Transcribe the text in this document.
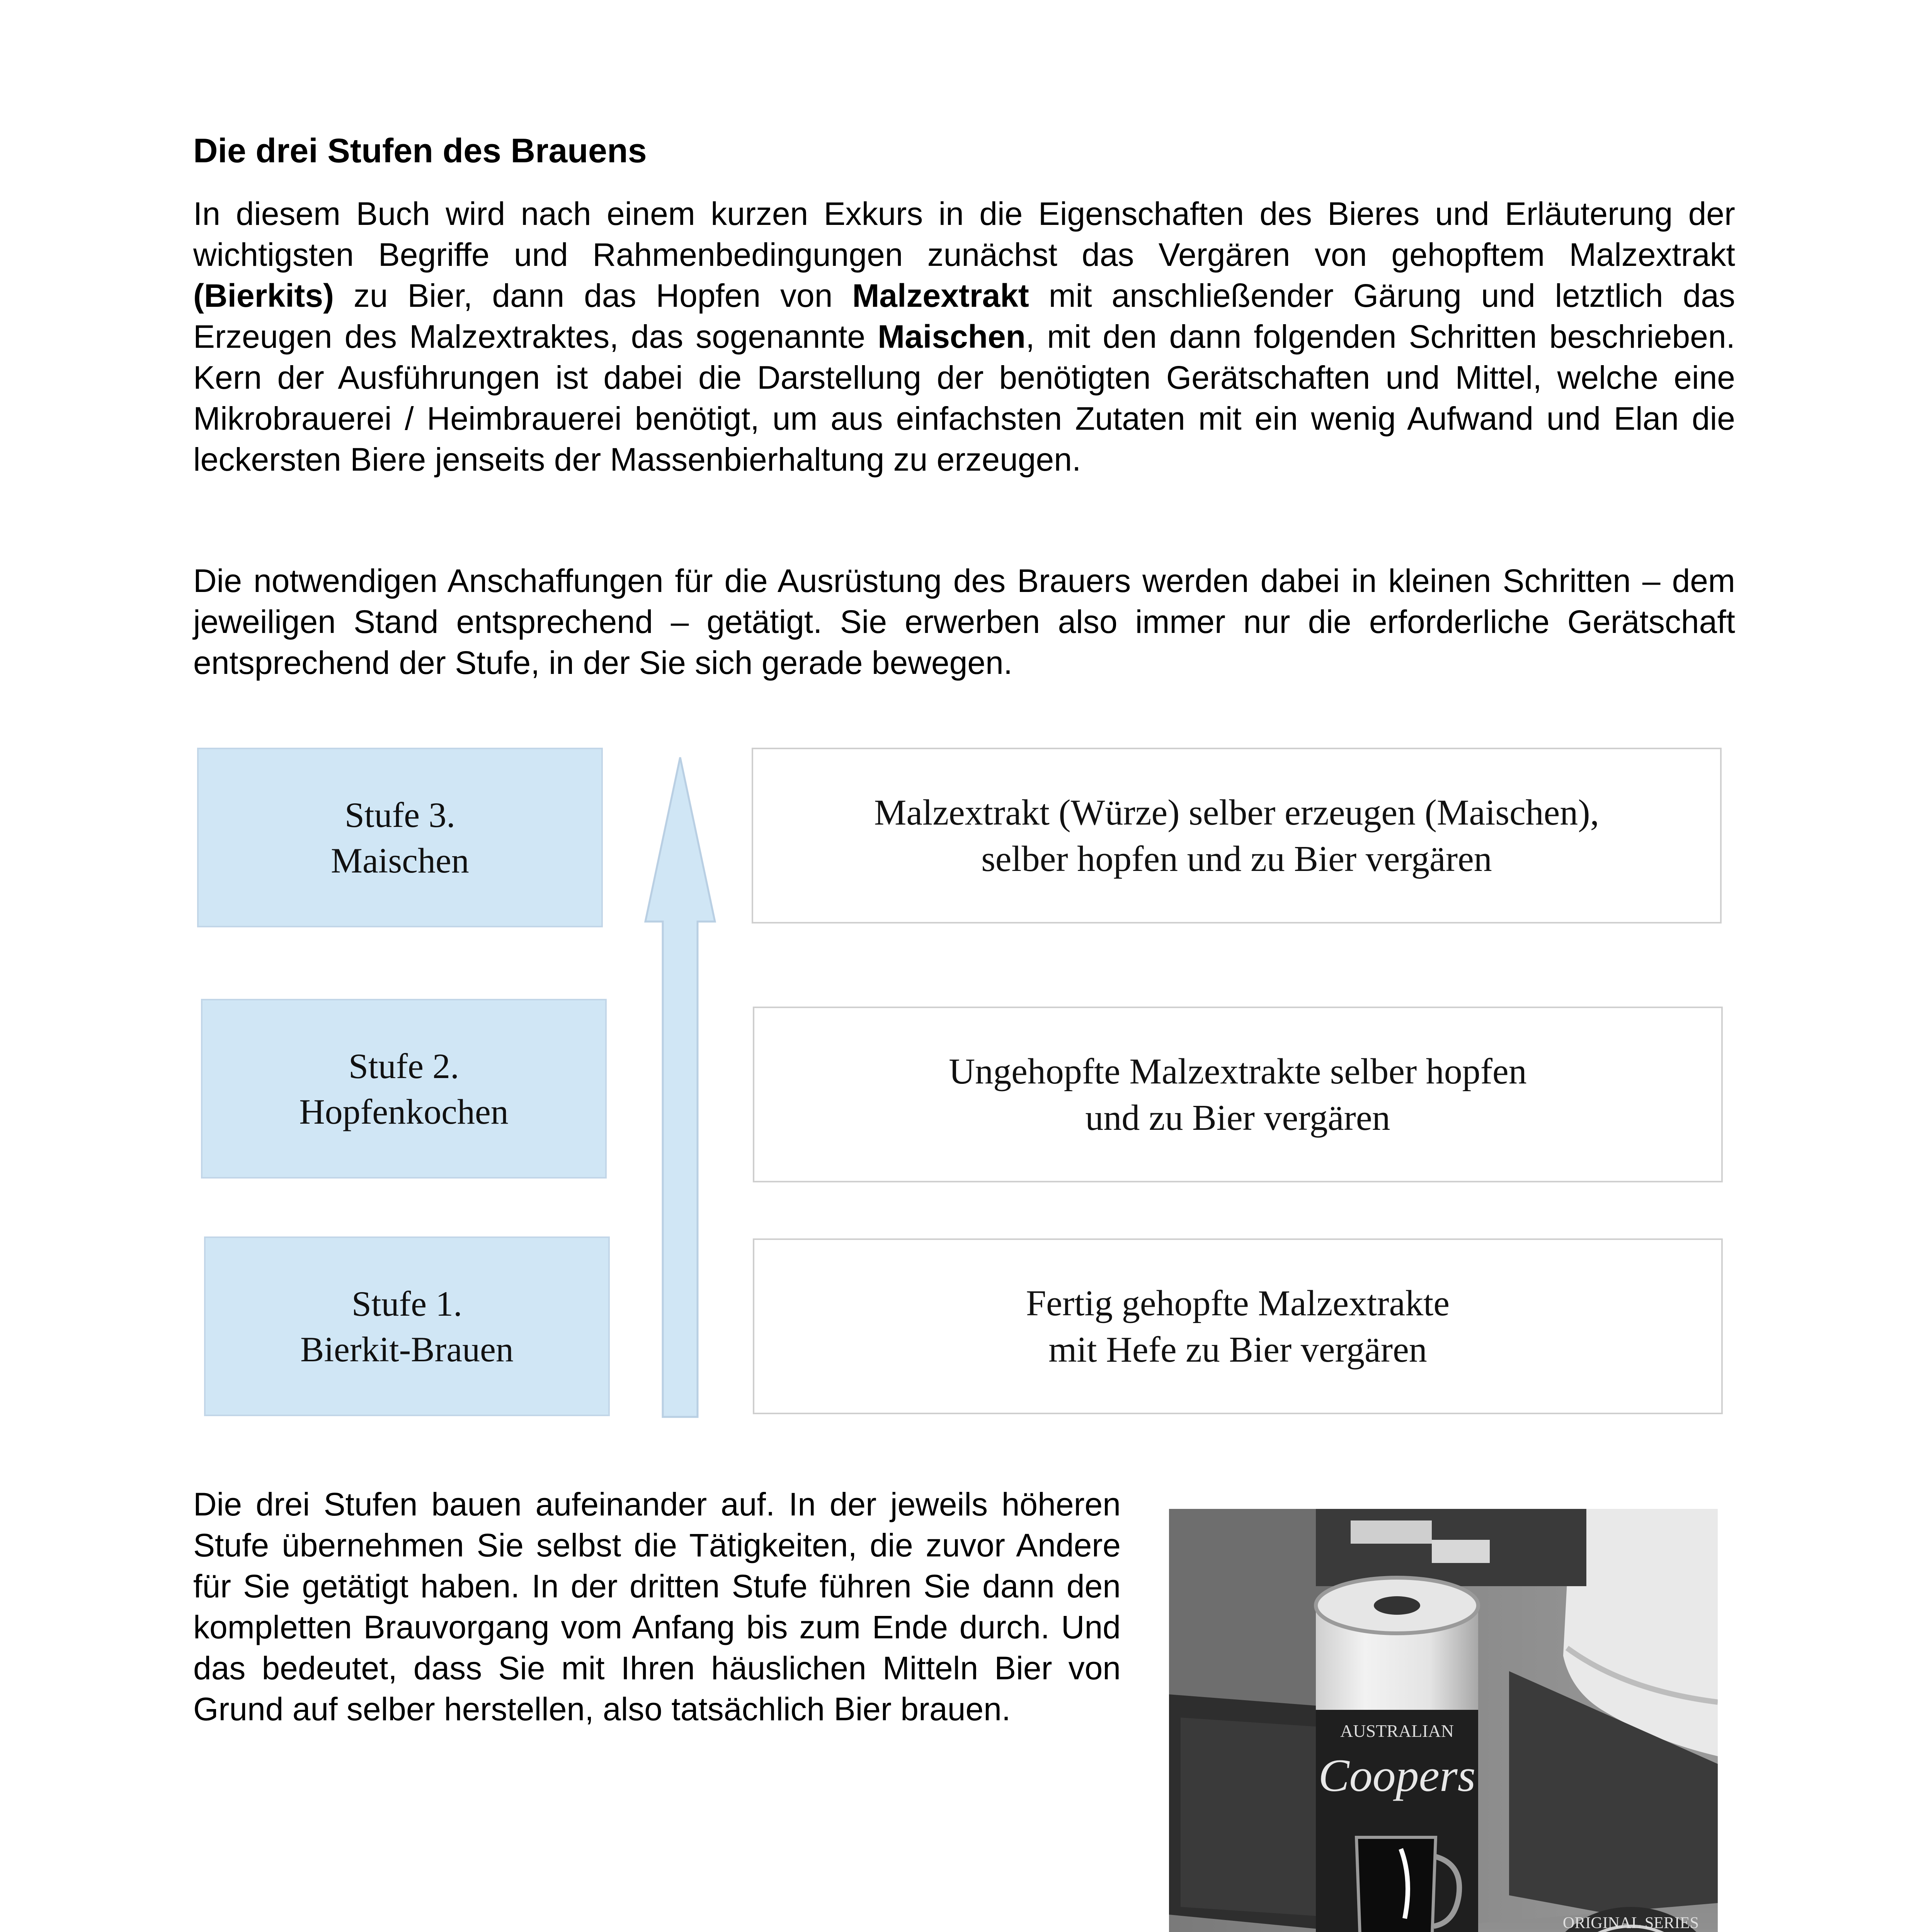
Die drei Stufen des Brauens

In diesem Buch wird nach einem kurzen Exkurs in die Eigenschaften des Bieres und Erläuterung der wichtigsten Begriffe und Rahmenbedingungen zunächst das Vergären von gehopftem Malzextrakt (Bierkits) zu Bier, dann das Hopfen von Malzextrakt mit anschließender Gärung und letztlich das Erzeugen des Malzextraktes, das sogenannte Maischen, mit den dann folgenden Schritten beschrieben. Kern der Ausführungen ist dabei die Darstellung der benötigten Gerätschaften und Mittel, welche eine Mikrobrauerei / Heimbrauerei benötigt, um aus einfachsten Zutaten mit ein wenig Aufwand und Elan die leckersten Biere jenseits der Massenbierhaltung zu erzeugen.

Die notwendigen Anschaffungen für die Ausrüstung des Brauers werden dabei in kleinen Schritten – dem jeweiligen Stand entsprechend – getätigt. Sie erwerben also immer nur die erforderliche Gerätschaft entsprechend der Stufe, in der Sie sich gerade bewegen.

Stufe 3.
Maischen
Stufe 2.
Hopfenkochen
Stufe 1.
Bierkit-Brauen
Malzextrakt (Würze) selber erzeugen (Maischen),
selber hopfen und zu Bier vergären
Ungehopfte Malzextrakte selber hopfen
und zu Bier vergären
Fertig gehopfte Malzextrakte
mit Hefe zu Bier vergären

Die drei Stufen bauen aufeinander auf. In der jeweils höheren Stufe übernehmen Sie selbst die Tätigkeiten, die zuvor Andere für Sie getätigt haben. In der dritten Stufe führen Sie dann den kompletten Brauvorgang vom Anfang bis zum Ende durch. Und das bedeutet, dass Sie mit Ihren häuslichen Mitteln Bier von Grund auf selber herstellen, also tatsächlich Bier brauen.

ORIGINAL SERIES
AUSTRALIAN
Coopers
